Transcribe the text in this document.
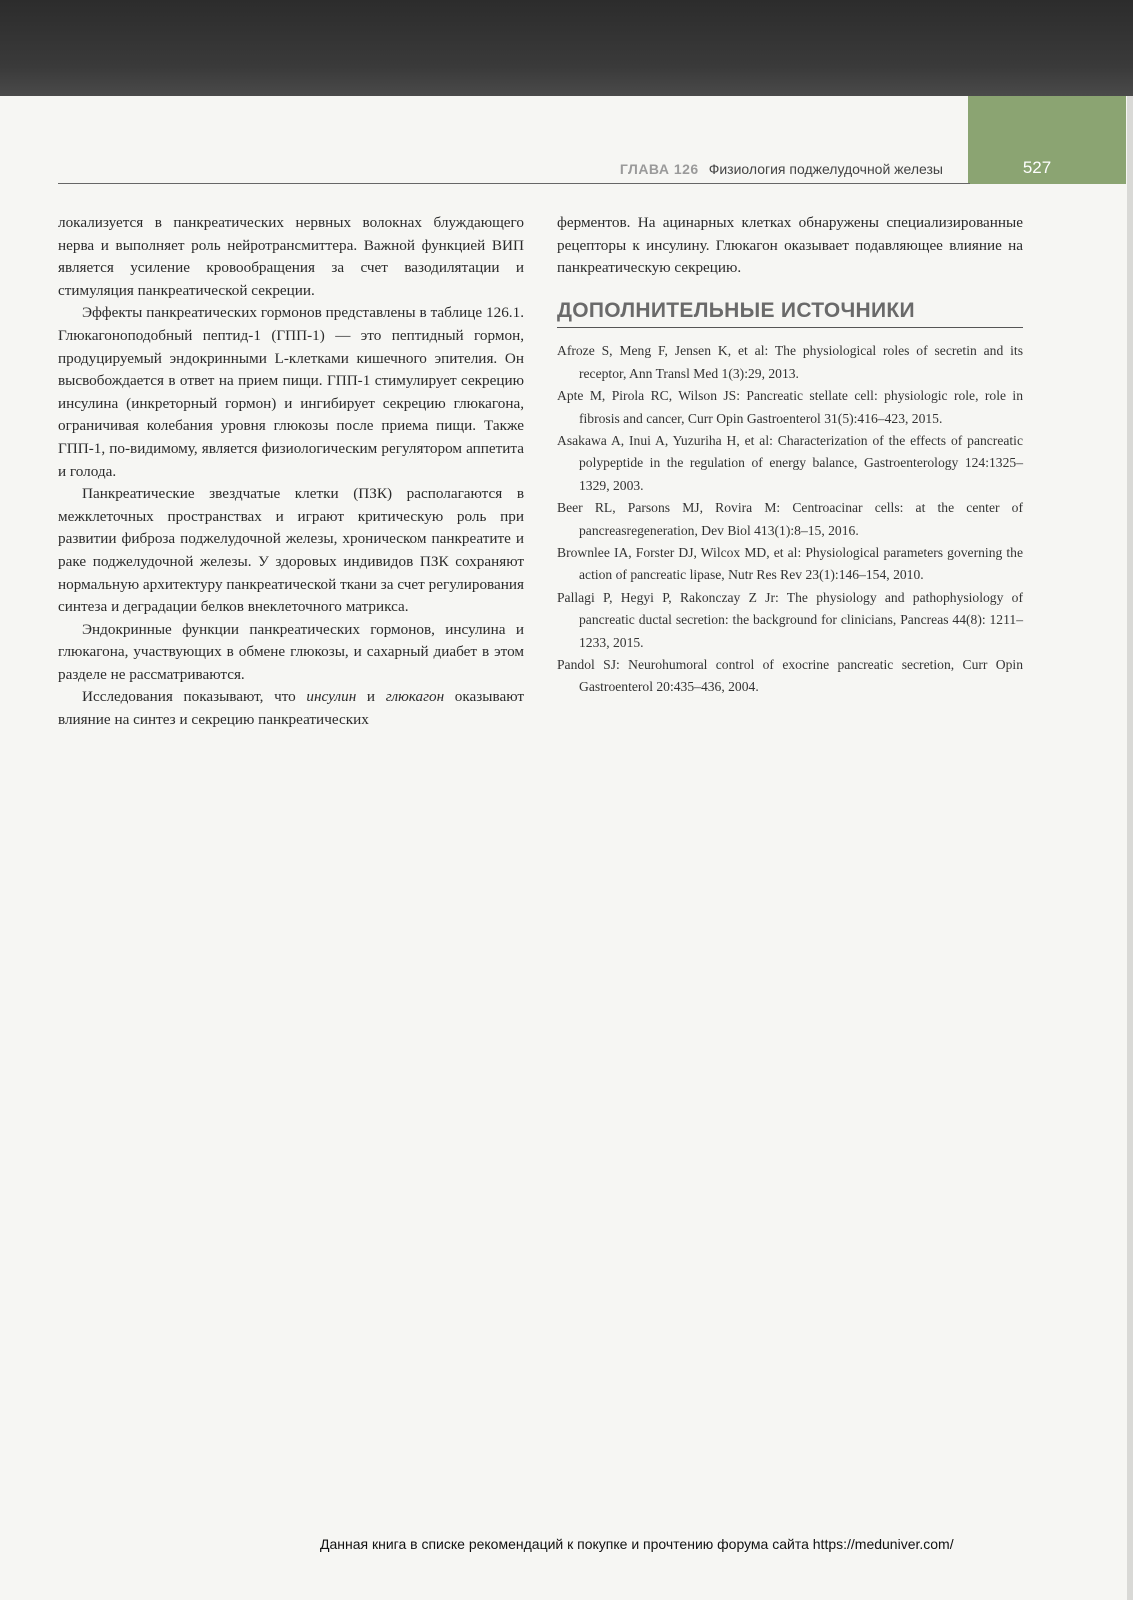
527
ГЛАВА 126 Физиология поджелудочной железы

локализуется в панкреатических нервных волокнах блуждающего нерва и выполняет роль нейротрансмиттера. Важной функцией ВИП является усиление кровообращения за счет вазодилятации и стимуляция панкреатической секреции.

Эффекты панкреатических гормонов представлены в таблице 126.1. Глюкагоноподобный пептид-1 (ГПП-1) — это пептидный гормон, продуцируемый эндокринными L-клетками кишечного эпителия. Он высвобождается в ответ на прием пищи. ГПП-1 стимулирует секрецию инсулина (инкреторный гормон) и ингибирует секрецию глюкагона, ограничивая колебания уровня глюкозы после приема пищи. Также ГПП-1, по-видимому, является физиологическим регулятором аппетита и голода.

Панкреатические звездчатые клетки (ПЗК) располагаются в межклеточных пространствах и играют критическую роль при развитии фиброза поджелудочной железы, хроническом панкреатите и раке поджелудочной железы. У здоровых индивидов ПЗК сохраняют нормальную архитектуру панкреатической ткани за счет регулирования синтеза и деградации белков внеклеточного матрикса.

Эндокринные функции панкреатических гормонов, инсулина и глюкагона, участвующих в обмене глюкозы, и сахарный диабет в этом разделе не рассматриваются.

Исследования показывают, что инсулин и глюкагон оказывают влияние на синтез и секрецию панкреатических

ферментов. На ацинарных клетках обнаружены специализированные рецепторы к инсулину. Глюкагон оказывает подавляющее влияние на панкреатическую секрецию.

ДОПОЛНИТЕЛЬНЫЕ ИСТОЧНИКИ
Afroze S, Meng F, Jensen K, et al: The physiological roles of secretin and its receptor, Ann Transl Med 1(3):29, 2013.
Apte M, Pirola RC, Wilson JS: Pancreatic stellate cell: physiologic role, role in fibrosis and cancer, Curr Opin Gastroenterol 31(5):416–423, 2015.
Asakawa A, Inui A, Yuzuriha H, et al: Characterization of the effects of pancreatic polypeptide in the regulation of energy balance, Gastroenterology 124:1325–1329, 2003.
Beer RL, Parsons MJ, Rovira M: Centroacinar cells: at the center of pancreasregeneration, Dev Biol 413(1):8–15, 2016.
Brownlee IA, Forster DJ, Wilcox MD, et al: Physiological parameters governing the action of pancreatic lipase, Nutr Res Rev 23(1):146–154, 2010.
Pallagi P, Hegyi P, Rakonczay Z Jr: The physiology and pathophysiology of pancreatic ductal secretion: the background for clinicians, Pancreas 44(8): 1211–1233, 2015.
Pandol SJ: Neurohumoral control of exocrine pancreatic secretion, Curr Opin Gastroenterol 20:435–436, 2004.
Данная книга в списке рекомендаций к покупке и прочтению форума сайта https://meduniver.com/
